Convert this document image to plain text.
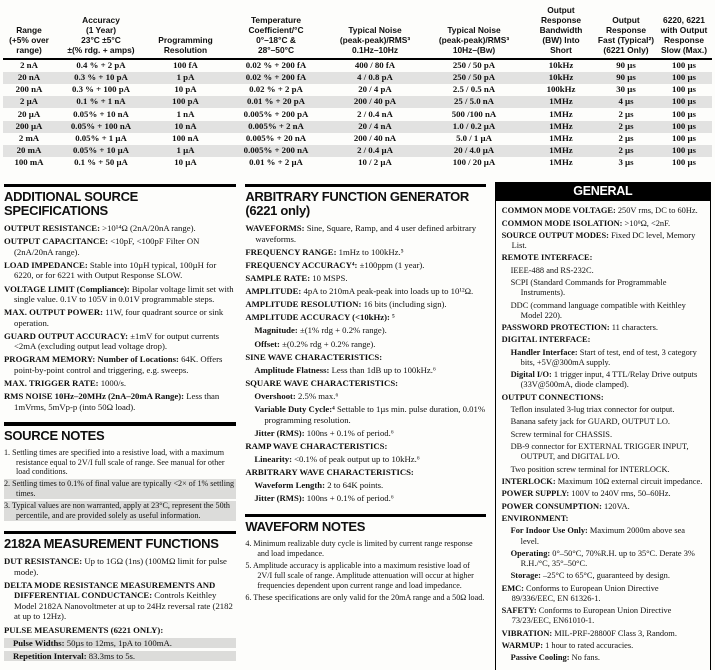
Range
(+5% over
range)

Accuracy
(1 Year)
23°C ±5°C
±(% rdg. + amps)

Programming
Resolution

Temperature
Coefficient/°C
0°–18°C &
28°–50°C

Typical Noise
(peak-peak)/RMS³
0.1Hz–10Hz

Typical Noise
(peak-peak)/RMS³
10Hz–(Bw)

Output
Response
Bandwidth
(BW) Into
Short

Output
Response
Fast (Typical²)
(6221 Only)

6220, 6221
with Output
Response
Slow (Max.)

2 nA	0.4 % + 2 pA	100 fA	0.02 % + 200 fA	400 / 80 fA	250 / 50 pA	10kHz	90 µs	100 µs
20 nA	0.3 % + 10 pA	1 pA	0.02 % + 200 fA	4 / 0.8 pA	250 / 50 pA	10kHz	90 µs	100 µs
200 nA	0.3 % + 100 pA	10 pA	0.02 % + 2 pA	20 / 4 pA	2.5 / 0.5 nA	100kHz	30 µs	100 µs
2 µA	0.1 % + 1 nA	100 pA	0.01 % + 20 pA	200 / 40 pA	25 / 5.0 nA	1MHz	4 µs	100 µs
20 µA	0.05% + 10 nA	1 nA	0.005% + 200 pA	2 / 0.4 nA	500 /100 nA	1MHz	2 µs	100 µs
200 µA	0.05% + 100 nA	10 nA	0.005% + 2 nA	20 / 4 nA	1.0 / 0.2 µA	1MHz	2 µs	100 µs
2 mA	0.05% + 1 µA	100 nA	0.005% + 20 nA	200 / 40 nA	5.0 / 1 µA	1MHz	2 µs	100 µs
20 mA	0.05% + 10 µA	1 µA	0.005% + 200 nA	2 / 0.4 µA	20 / 4.0 µA	1MHz	2 µs	100 µs
100 mA	0.1 % + 50 µA	10 µA	0.01 % + 2 µA	10 / 2 µA	100 / 20 µA	1MHz	3 µs	100 µs
ADDITIONAL SOURCE SPECIFICATIONS

OUTPUT RESISTANCE: >10¹⁴Ω (2nA/20nA range).

OUTPUT CAPACITANCE: <10pF, <100pF Filter ON (2nA/20nA range).

LOAD IMPEDANCE: Stable into 10µH typical, 100µH for 6220, or for 6221 with Output Response SLOW.

VOLTAGE LIMIT (Compliance): Bipolar voltage limit set with single value. 0.1V to 105V in 0.01V programmable steps.

MAX. OUTPUT POWER: 11W, four quadrant source or sink operation.

GUARD OUTPUT ACCURACY: ±1mV for output currents <2mA (excluding output lead voltage drop).

PROGRAM MEMORY: Number of Locations: 64K. Offers point-by-point control and triggering, e.g. sweeps.

MAX. TRIGGER RATE: 1000/s.

RMS NOISE 10Hz–20MHz (2nA–20mA Range): Less than 1mVrms, 5mVp-p (into 50Ω load).

SOURCE NOTES

1. Settling times are specified into a resistive load, with a maximum resistance equal to 2V/I full scale of range. See manual for other load conditions.

2. Settling times to 0.1% of final value are typically <2× of 1% settling times.

3. Typical values are non warranted, apply at 23°C, represent the 50th percentile, and are provided solely as useful information.

2182A MEASUREMENT FUNCTIONS

DUT RESISTANCE: Up to 1GΩ (1ns) (100MΩ limit for pulse mode).

DELTA MODE RESISTANCE MEASUREMENTS AND DIFFERENTIAL CONDUCTANCE: Controls Keithley Model 2182A Nanovoltmeter at up to 24Hz reversal rate (2182 at up to 12Hz).

PULSE MEASUREMENTS (6221 ONLY):

Pulse Widths: 50µs to 12ms, 1pA to 100mA.

Repetition Interval: 83.3ms to 5s.

ARBITRARY FUNCTION GENERATOR (6221 only)

WAVEFORMS: Sine, Square, Ramp, and 4 user defined arbitrary waveforms.

FREQUENCY RANGE: 1mHz to 100kHz.⁵

FREQUENCY ACCURACY⁴: ±100ppm (1 year).

SAMPLE RATE: 10 MSPS.

AMPLITUDE: 4pA to 210mA peak-peak into loads up to 10¹²Ω.

AMPLITUDE RESOLUTION: 16 bits (including sign).

AMPLITUDE ACCURACY (<10kHz): ⁵

Magnitude: ±(1% rdg + 0.2% range).

Offset: ±(0.2% rdg + 0.2% range).

SINE WAVE CHARACTERISTICS:

Amplitude Flatness: Less than 1dB up to 100kHz.⁶

SQUARE WAVE CHARACTERISTICS:

Overshoot: 2.5% max.⁶

Variable Duty Cycle:⁴ Settable to 1µs min. pulse duration, 0.01% programming resolution.

Jitter (RMS): 100ns + 0.1% of period.⁶

RAMP WAVE CHARACTERISTICS:

Linearity: <0.1% of peak output up to 10kHz.⁶

ARBITRARY WAVE CHARACTERISTICS:

Waveform Length: 2 to 64K points.

Jitter (RMS): 100ns + 0.1% of period.⁶

WAVEFORM NOTES

4. Minimum realizable duty cycle is limited by current range response and load impedance.

5. Amplitude accuracy is applicable into a maximum resistive load of 2V/I full scale of range. Amplitude attenuation will occur at higher frequencies dependent upon current range and load impedance.

6. These specifications are only valid for the 20mA range and a 50Ω load.

GENERAL

COMMON MODE VOLTAGE: 250V rms, DC to 60Hz.

COMMON MODE ISOLATION: >10⁹Ω, <2nF.

SOURCE OUTPUT MODES: Fixed DC level, Memory List.

REMOTE INTERFACE:

IEEE-488 and RS-232C.

SCPI (Standard Commands for Programmable Instruments).

DDC (command language compatible with Keithley Model 220).

PASSWORD PROTECTION: 11 characters.

DIGITAL INTERFACE:

Handler Interface: Start of test, end of test, 3 category bits, +5V@300mA supply.

Digital I/O: 1 trigger input, 4 TTL/Relay Drive outputs (33V@500mA, diode clamped).

OUTPUT CONNECTIONS:

Teflon insulated 3-lug triax connector for output.

Banana safety jack for GUARD, OUTPUT LO.

Screw terminal for CHASSIS.

DB-9 connector for EXTERNAL TRIGGER INPUT, OUTPUT, and DIGITAL I/O.

Two position screw terminal for INTERLOCK.

INTERLOCK: Maximum 10Ω external circuit impedance.

POWER SUPPLY: 100V to 240V rms, 50–60Hz.

POWER CONSUMPTION: 120VA.

ENVIRONMENT:

For Indoor Use Only: Maximum 2000m above sea level.

Operating: 0°–50°C, 70%R.H. up to 35°C. Derate 3% R.H./°C, 35°–50°C.

Storage: –25°C to 65°C, guaranteed by design.

EMC: Conforms to European Union Directive 89/336/EEC, EN 61326-1.

SAFETY: Conforms to European Union Directive 73/23/EEC, EN61010-1.

VIBRATION: MIL-PRF-28800F Class 3, Random.

WARMUP: 1 hour to rated accuracies.

Passive Cooling: No fans.
